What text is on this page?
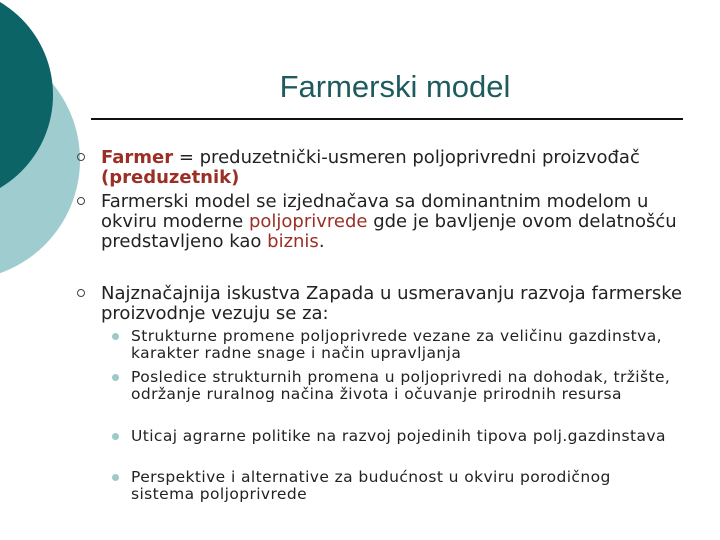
Farmerski model
Farmer = preduzetnički-usmeren poljoprivredni proizvođač (preduzetnik)
Farmerski model se izjednačava sa dominantnim modelom u okviru moderne poljoprivrede gde je bavljenje ovom delatnošću predstavljeno kao biznis.
Najznačajnija iskustva Zapada u usmeravanju razvoja farmerske proizvodnje vezuju se za:
Strukturne promene poljoprivrede vezane za veličinu gazdinstva, karakter radne snage i način upravljanja
Posledice strukturnih promena u poljoprivredi na dohodak, tržište, održanje ruralnog načina života i očuvanje prirodnih resursa
Uticaj agrarne politike na razvoj pojedinih tipova polj.gazdinstava
Perspektive i alternative za budućnost u okviru porodičnog sistema poljoprivrede
